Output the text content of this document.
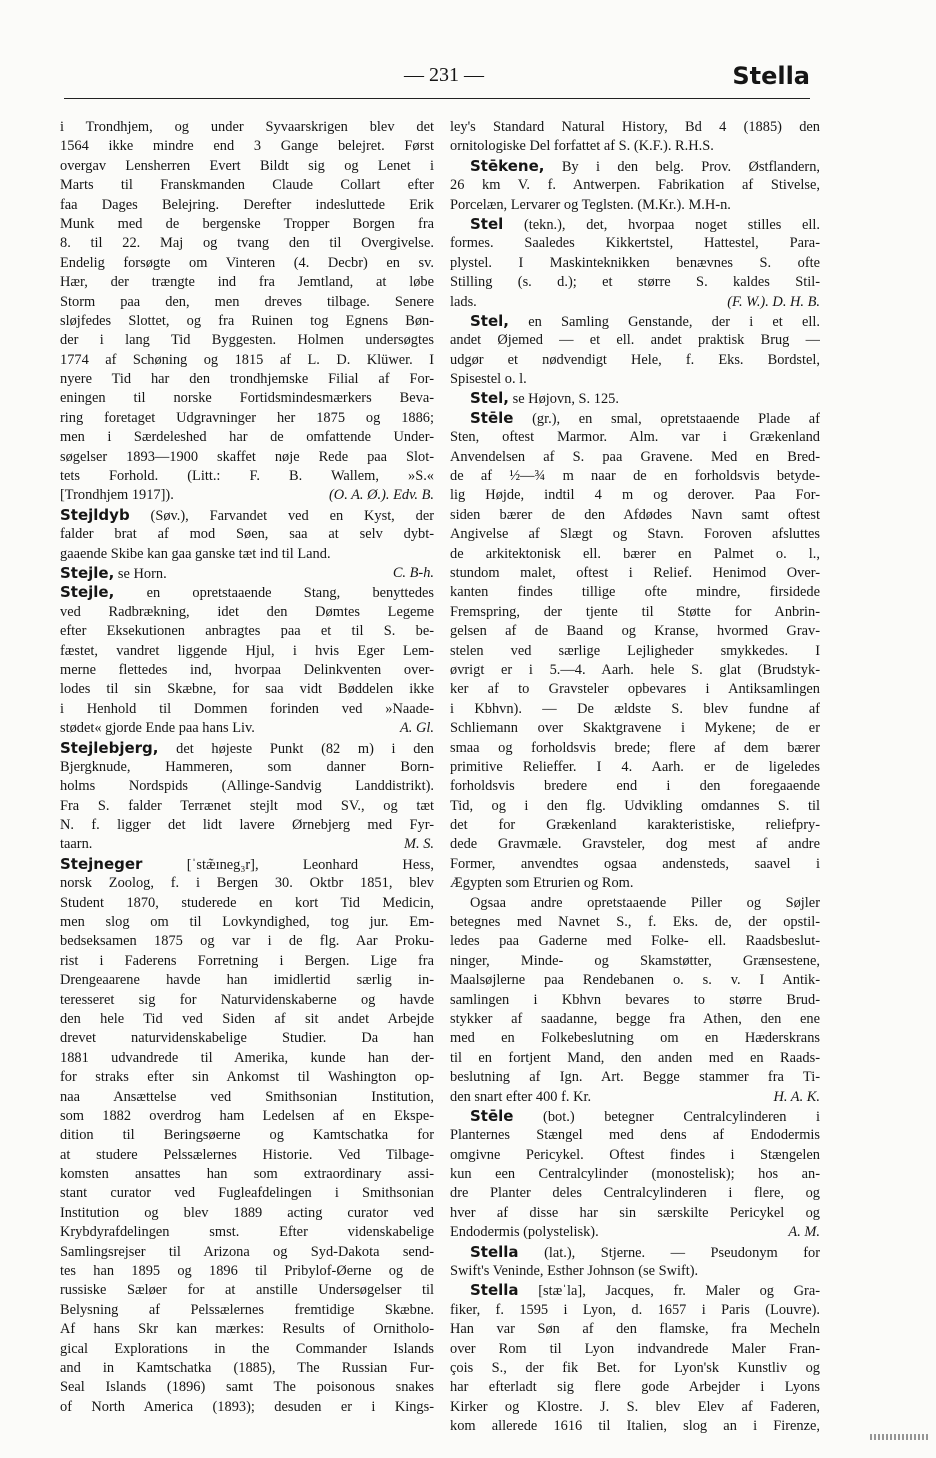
— 231 —	Stella
i Trondhjem, og under Syvaarskrigen blev det
1564 ikke mindre end 3 Gange belejret. Først
overgav Lensherren Evert Bildt sig og Lenet i
Marts til Franskmanden Claude Collart efter
faa Dages Belejring. Derefter indesluttede Erik
Munk med de bergenske Tropper Borgen fra
8. til 22. Maj og tvang den til Overgivelse.
Endelig forsøgte om Vinteren (4. Decbr) en sv.
Hær, der trængte ind fra Jemtland, at løbe
Storm paa den, men dreves tilbage. Senere
sløjfedes Slottet, og fra Ruinen tog Egnens Bøn-
der i lang Tid Byggesten. Holmen undersøgtes
1774 af Schøning og 1815 af L. D. Klüwer. I
nyere Tid har den trondhjemske Filial af For-
eningen til norske Fortidsmindesmærkers Beva-
ring foretaget Udgravninger her 1875 og 1886;
men i Særdeleshed har de omfattende Under-
søgelser 1893—1900 skaffet nøje Rede paa Slot-
tets Forhold. (Litt.: F. B. Wallem, »S.«
[Trondhjem 1917]).	(O. A. Ø.). Edv. B.
Stejldyb (Søv.), Farvandet ved en Kyst, der
falder brat af mod Søen, saa at selv dybt-
gaaende Skibe kan gaa ganske tæt ind til Land.
Stejle, se Horn.	C. B-h.
Stejle, en opretstaaende Stang, benyttedes
ved Radbrækning, idet den Dømtes Legeme
efter Eksekutionen anbragtes paa et til S. be-
fæstet, vandret liggende Hjul, i hvis Eger Lem-
merne flettedes ind, hvorpaa Delinkventen over-
lodes til sin Skæbne, for saa vidt Bøddelen ikke
i Henhold til Dommen forinden ved »Naade-
stødet« gjorde Ende paa hans Liv.	A. Gl.
Stejlebjerg, det højeste Punkt (82 m) i den
Bjergknude, Hammeren, som danner Born-
holms Nordspids (Allinge-Sandvig Landdistrikt).
Fra S. falder Terrænet stejlt mod SV., og tæt
N. f. ligger det lidt lavere Ørnebjerg med Fyr-
taarn.	M. S.
Stejneger [ˈstæ̃ɪneg₃r], Leonhard Hess,
norsk Zoolog, f. i Bergen 30. Oktbr 1851, blev
Student 1870, studerede en kort Tid Medicin,
men slog om til Lovkyndighed, tog jur. Em-
bedseksamen 1875 og var i de flg. Aar Proku-
rist i Faderens Forretning i Bergen. Lige fra
Drengeaarene havde han imidlertid særlig in-
teresseret sig for Naturvidenskaberne og havde
den hele Tid ved Siden af sit andet Arbejde
drevet naturvidenskabelige Studier. Da han
1881 udvandrede til Amerika, kunde han der-
for straks efter sin Ankomst til Washington op-
naa Ansættelse ved Smithsonian Institution,
som 1882 overdrog ham Ledelsen af en Ekspe-
dition til Beringsøerne og Kamtschatka for
at studere Pelssælernes Historie. Ved Tilbage-
komsten ansattes han som extraordinary assi-
stant curator ved Fugleafdelingen i Smithsonian
Institution og blev 1889 acting curator ved
Krybdyrafdelingen smst. Efter videnskabelige
Samlingsrejser til Arizona og Syd-Dakota send-
tes han 1895 og 1896 til Pribylof-Øerne og de
russiske Sæløer for at anstille Undersøgelser til
Belysning af Pelssælernes fremtidige Skæbne.
Af hans Skr kan mærkes: Results of Ornitholo-
gical Explorations in the Commander Islands
and in Kamtschatka (1885), The Russian Fur-
Seal Islands (1896) samt The poisonous snakes
of North America (1893); desuden er i Kings-
ley's Standard Natural History, Bd 4 (1885) den
ornitologiske Del forfattet af S. (K.F.). R.H.S.
Stēkene, By i den belg. Prov. Østflandern,
26 km V. f. Antwerpen. Fabrikation af Stivelse,
Porcelæn, Lervarer og Teglsten. (M.Kr.). M.H-n.
Stel (tekn.), det, hvorpaa noget stilles ell.
formes. Saaledes Kikkertstel, Hattestel, Para-
plystel. I Maskinteknikken benævnes S. ofte
Stilling (s. d.); et større S. kaldes Stil-
lads.	(F. W.). D. H. B.
Stel, en Samling Genstande, der i et ell.
andet Øjemed — et ell. andet praktisk Brug —
udgør et nødvendigt Hele, f. Eks. Bordstel,
Spisestel o. l.
Stel, se Højovn, S. 125.
Stēle (gr.), en smal, opretstaaende Plade af
Sten, oftest Marmor. Alm. var i Grækenland
Anvendelsen af S. paa Gravene. Med en Bred-
de af ½—¾ m naar de en forholdsvis betyde-
lig Højde, indtil 4 m og derover. Paa For-
siden bærer de den Afdødes Navn samt oftest
Angivelse af Slægt og Stavn. Foroven afsluttes
de arkitektonisk ell. bærer en Palmet o. l.,
stundom malet, oftest i Relief. Henimod Over-
kanten findes tillige ofte mindre, firsidede
Fremspring, der tjente til Støtte for Anbrin-
gelsen af de Baand og Kranse, hvormed Grav-
stelen ved særlige Lejligheder smykkedes. I
øvrigt er i 5.—4. Aarh. hele S. glat (Brudstyk-
ker af to Gravsteler opbevares i Antiksamlingen
i Kbhvn). — De ældste S. blev fundne af
Schliemann over Skaktgravene i Mykene; de er
smaa og forholdsvis brede; flere af dem bærer
primitive Relieffer. I 4. Aarh. er de ligeledes
forholdsvis bredere end i den foregaaende
Tid, og i den flg. Udvikling omdannes S. til
det for Grækenland karakteristiske, reliefpry-
dede Gravmæle. Gravsteler, dog mest af andre
Former, anvendtes ogsaa andensteds, saavel i
Ægypten som Etrurien og Rom.
Ogsaa andre opretstaaende Piller og Søjler
betegnes med Navnet S., f. Eks. de, der opstil-
ledes paa Gaderne med Folke- ell. Raadsbeslut-
ninger, Minde- og Skamstøtter, Grænsestene,
Maalsøjlerne paa Rendebanen o. s. v. I Antik-
samlingen i Kbhvn bevares to større Brud-
stykker af saadanne, begge fra Athen, den ene
med en Folkebeslutning om en Hæderskrans
til en fortjent Mand, den anden med en Raads-
beslutning af Ign. Art. Begge stammer fra Ti-
den snart efter 400 f. Kr.	H. A. K.
Stēle (bot.) betegner Centralcylinderen i
Planternes Stængel med dens af Endodermis
omgivne Pericykel. Oftest findes i Stængelen
kun een Centralcylinder (monostelisk); hos an-
dre Planter deles Centralcylinderen i flere, og
hver af disse har sin særskilte Pericykel og
Endodermis (polystelisk).	A. M.
Stella (lat.), Stjerne. — Pseudonym for
Swift's Veninde, Esther Johnson (se Swift).
Stella [stæˈla], Jacques, fr. Maler og Gra-
fiker, f. 1595 i Lyon, d. 1657 i Paris (Louvre).
Han var Søn af den flamske, fra Mecheln
over Rom til Lyon indvandrede Maler Fran-
çois S., der fik Bet. for Lyon'sk Kunstliv og
har efterladt sig flere gode Arbejder i Lyons
Kirker og Klostre. J. S. blev Elev af Faderen,
kom allerede 1616 til Italien, slog an i Firenze,
